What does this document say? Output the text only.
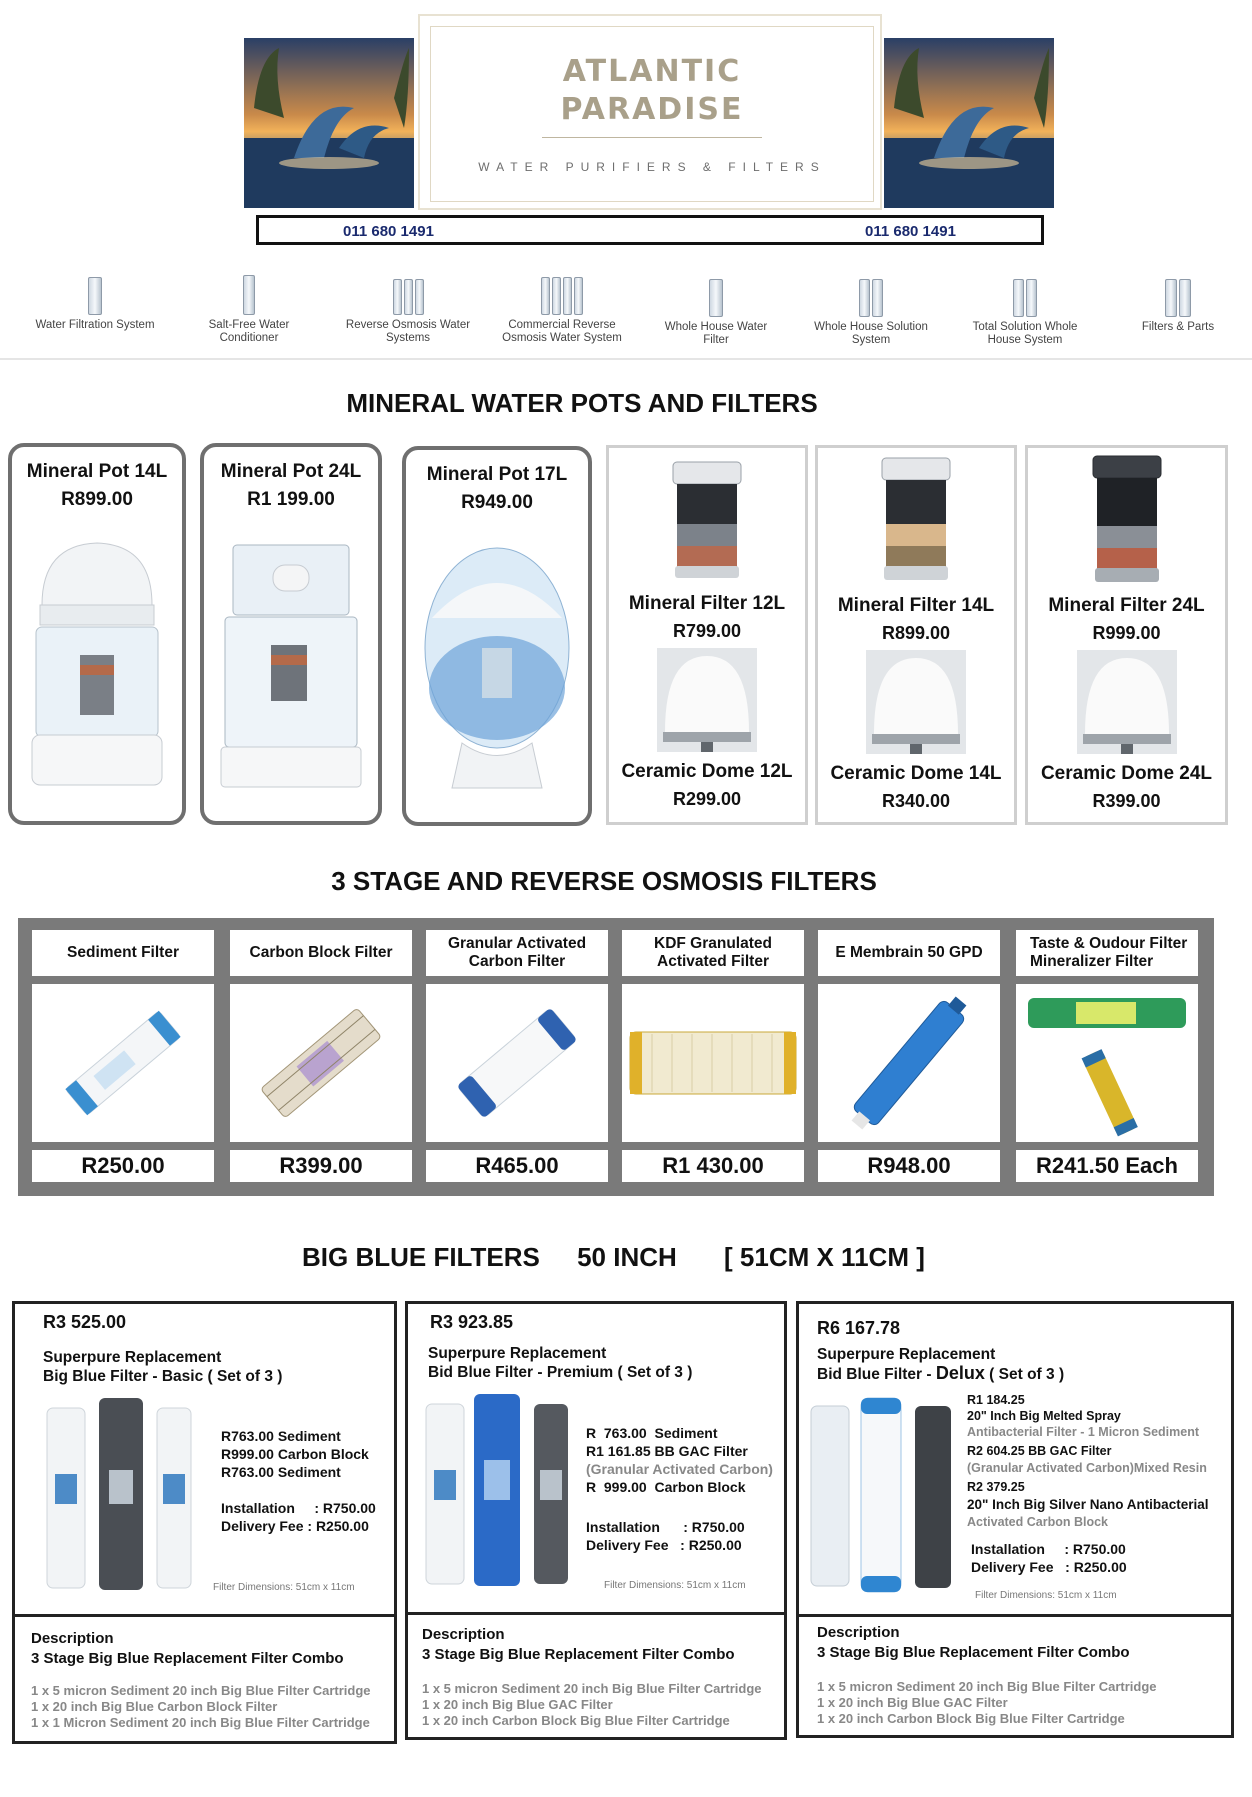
ATLANTIC
PARADISE
WATER PURIFIERS & FILTERS
011 680 1491	011 680 1491
Water Filtration System	Salt-Free Water Conditioner
Reverse Osmosis Water Systems
Commercial Reverse Osmosis Water System
Whole House Water Filter
Whole House Solution System
Total Solution Whole House System
Filters & Parts
MINERAL WATER POTS AND FILTERS
Mineral Pot 14L
R899.00
Mineral Pot 24L
R1 199.00
Mineral Pot 17L
R949.00
Mineral Filter 12L
R799.00
Ceramic Dome 12L
R299.00
Mineral Filter 14L
R899.00
Ceramic Dome 14L
R340.00
Mineral Filter 24L
R999.00
Ceramic Dome 24L
R399.00
3 STAGE AND REVERSE OSMOSIS FILTERS
Sediment Filter
R250.00
Carbon Block Filter
R399.00
Granular Activated Carbon Filter
R465.00
KDF Granulated Activated Filter
R1 430.00
E Membrain 50 GPD
R948.00
Taste & Oudour Filter Mineralizer Filter
R241.50 Each
BIG BLUE FILTERS 50 INCH [ 51CM X 11CM ]
R3 525.00
Superpure Replacement
Big Blue Filter - Basic ( Set of 3 )
R763.00 Sediment
R999.00 Carbon Block
R763.00 Sediment
Installation     : R750.00
Delivery Fee : R250.00
Filter Dimensions: 51cm x 11cm
Description
3 Stage Big Blue Replacement Filter Combo
1 x 5 micron Sediment 20 inch Big Blue Filter Cartridge
1 x 20 inch Big Blue Carbon Block Filter
1 x 1 Micron Sediment 20 inch Big Blue Filter Cartridge
R3 923.85
Superpure Replacement
Bid Blue Filter - Premium ( Set of 3 )
R  763.00  Sediment
R1 161.85 BB GAC Filter
(Granular Activated Carbon)
R  999.00  Carbon Block
Installation      : R750.00
Delivery Fee   : R250.00
Filter Dimensions: 51cm x 11cm
Description
3 Stage Big Blue Replacement Filter Combo
1 x 5 micron Sediment 20 inch Big Blue Filter Cartridge
1 x 20 inch Big Blue GAC Filter
1 x 20 inch Carbon Block Big Blue Filter Cartridge
R6 167.78
Superpure Replacement
Bid Blue Filter - Delux ( Set of 3 )
R1 184.25
20" Inch Big Melted Spray
Antibacterial Filter - 1 Micron Sediment
R2 604.25 BB GAC Filter
(Granular Activated Carbon)Mixed Resin
R2 379.25
20" Inch Big Silver Nano Antibacterial
Activated Carbon Block
Installation     : R750.00
Delivery Fee   : R250.00
Filter Dimensions: 51cm x 11cm
Description
3 Stage Big Blue Replacement Filter Combo
1 x 5 micron Sediment 20 inch Big Blue Filter Cartridge
1 x 20 inch Big Blue GAC Filter
1 x 20 inch Carbon Block Big Blue Filter Cartridge
